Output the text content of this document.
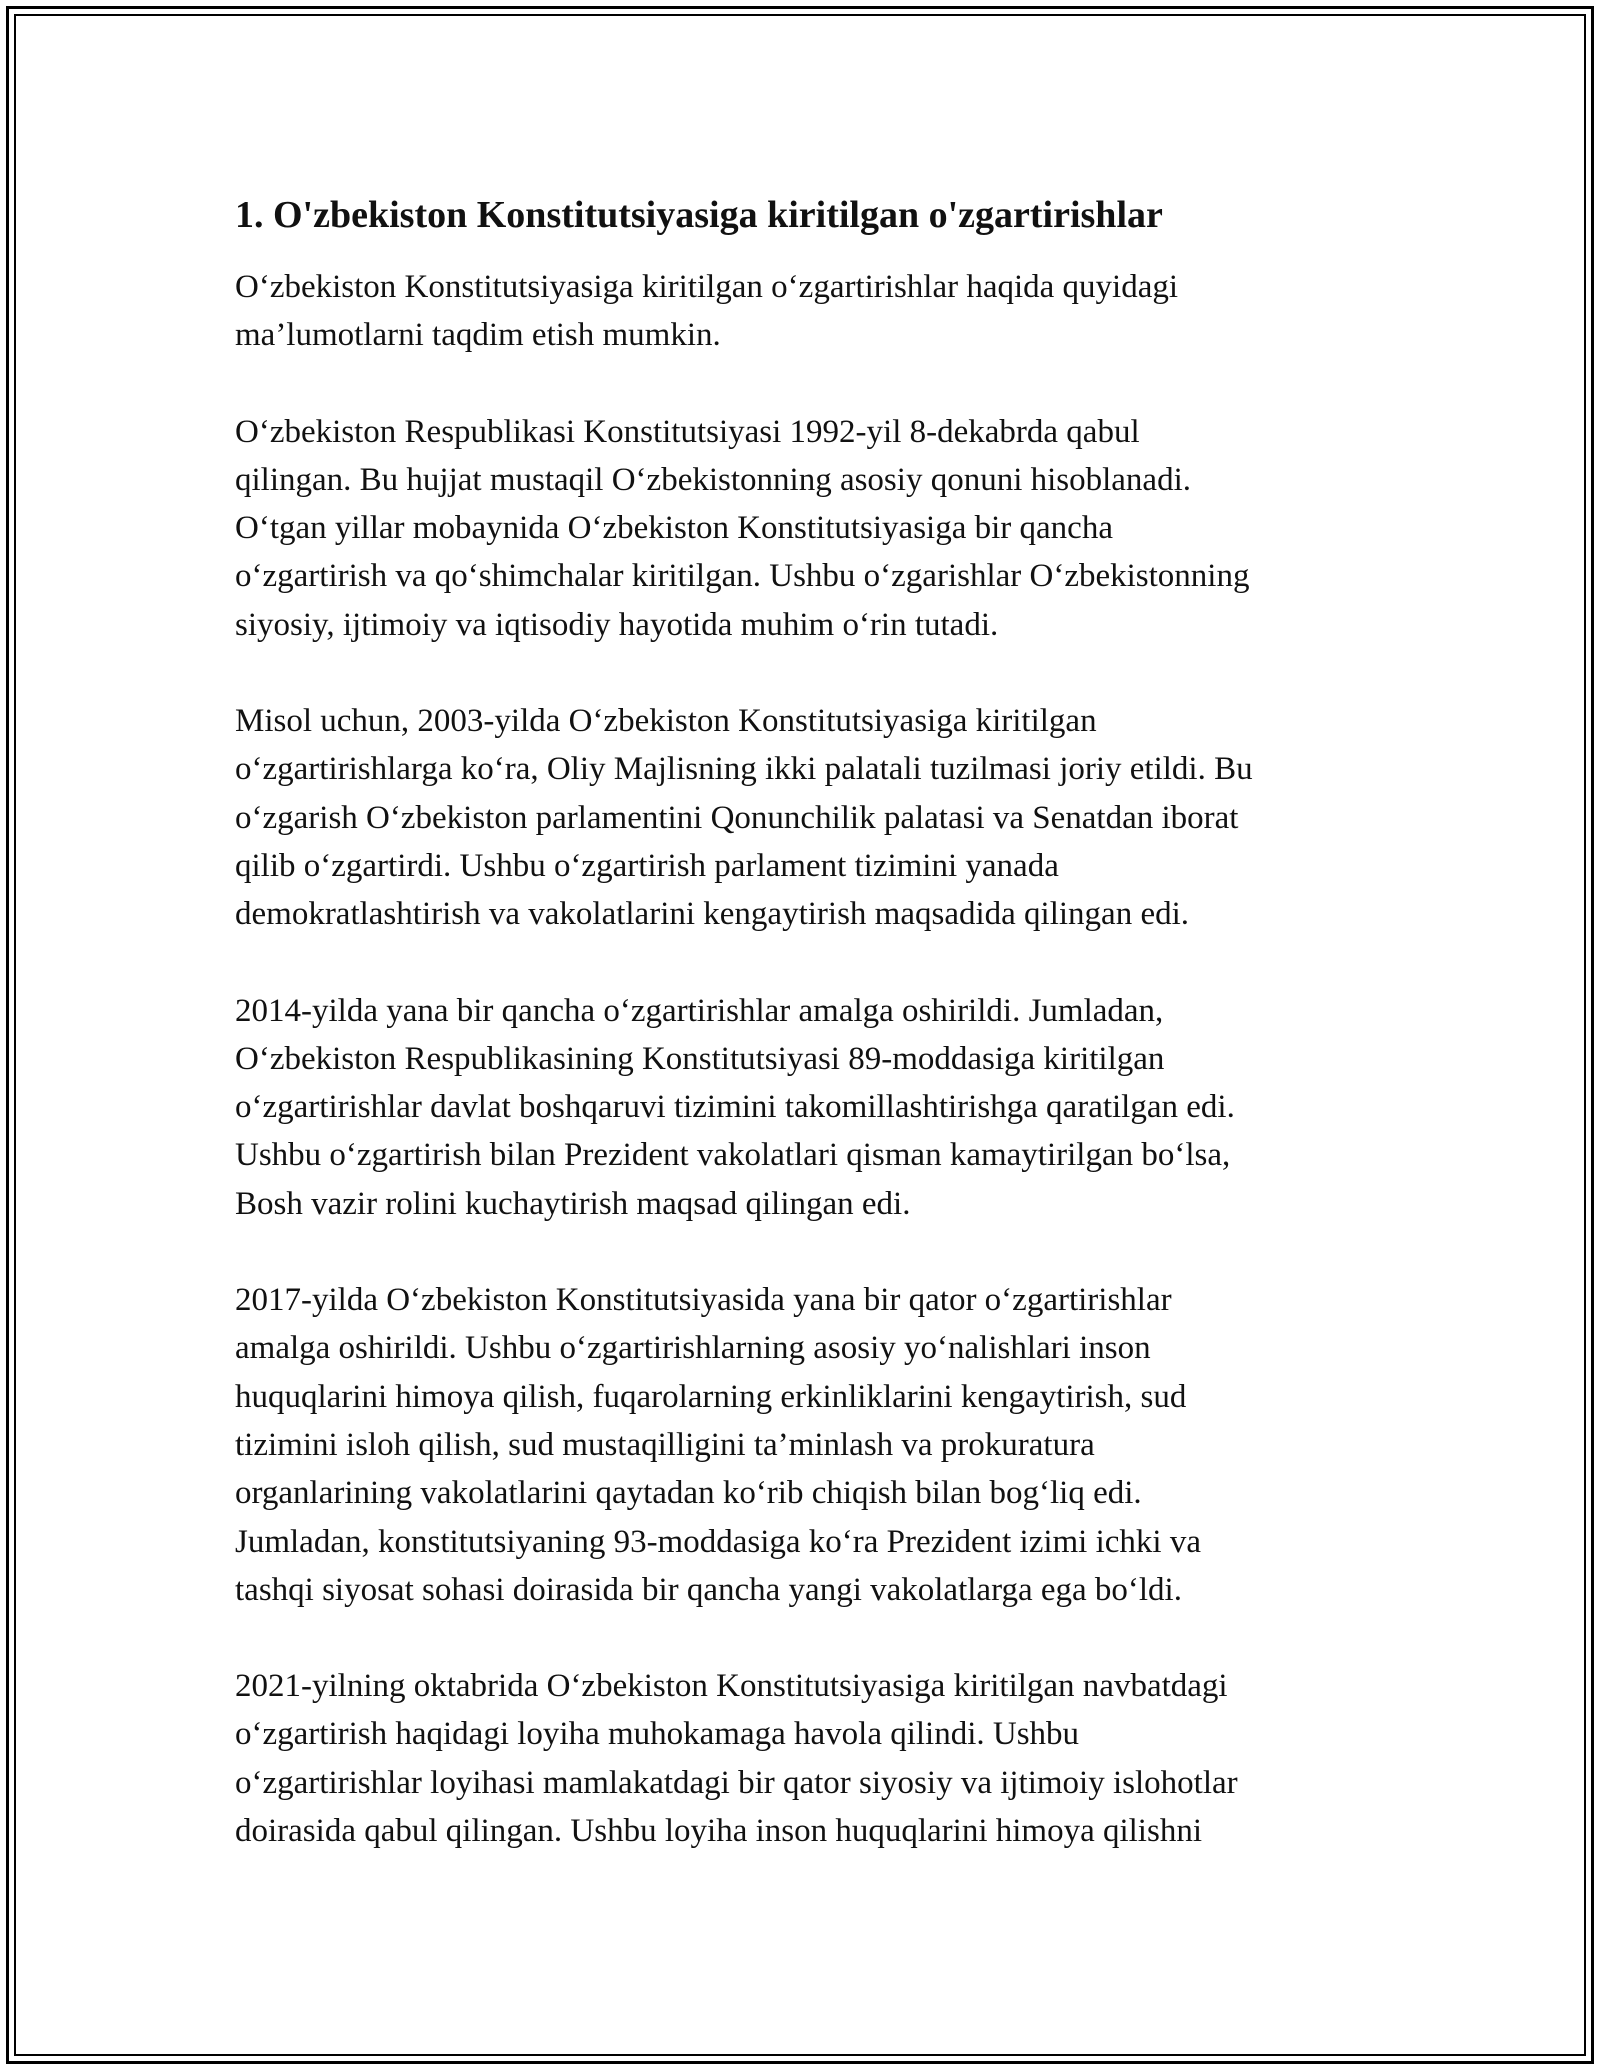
1. O'zbekiston Konstitutsiyasiga kiritilgan o'zgartirishlar
O‘zbekiston Konstitutsiyasiga kiritilgan o‘zgartirishlar haqida quyidagi
ma’lumotlarni taqdim etish mumkin.
O‘zbekiston Respublikasi Konstitutsiyasi 1992-yil 8-dekabrda qabul
qilingan. Bu hujjat mustaqil O‘zbekistonning asosiy qonuni hisoblanadi.
O‘tgan yillar mobaynida O‘zbekiston Konstitutsiyasiga bir qancha
o‘zgartirish va qo‘shimchalar kiritilgan. Ushbu o‘zgarishlar O‘zbekistonning
siyosiy, ijtimoiy va iqtisodiy hayotida muhim o‘rin tutadi.
Misol uchun, 2003-yilda O‘zbekiston Konstitutsiyasiga kiritilgan
o‘zgartirishlarga ko‘ra, Oliy Majlisning ikki palatali tuzilmasi joriy etildi. Bu
o‘zgarish O‘zbekiston parlamentini Qonunchilik palatasi va Senatdan iborat
qilib o‘zgartirdi. Ushbu o‘zgartirish parlament tizimini yanada
demokratlashtirish va vakolatlarini kengaytirish maqsadida qilingan edi.
2014-yilda yana bir qancha o‘zgartirishlar amalga oshirildi. Jumladan,
O‘zbekiston Respublikasining Konstitutsiyasi 89-moddasiga kiritilgan
o‘zgartirishlar davlat boshqaruvi tizimini takomillashtirishga qaratilgan edi.
Ushbu o‘zgartirish bilan Prezident vakolatlari qisman kamaytirilgan bo‘lsa,
Bosh vazir rolini kuchaytirish maqsad qilingan edi.
2017-yilda O‘zbekiston Konstitutsiyasida yana bir qator o‘zgartirishlar
amalga oshirildi. Ushbu o‘zgartirishlarning asosiy yo‘nalishlari inson
huquqlarini himoya qilish, fuqarolarning erkinliklarini kengaytirish, sud
tizimini isloh qilish, sud mustaqilligini ta’minlash va prokuratura
organlarining vakolatlarini qaytadan ko‘rib chiqish bilan bog‘liq edi.
Jumladan, konstitutsiyaning 93-moddasiga ko‘ra Prezident izimi ichki va
tashqi siyosat sohasi doirasida bir qancha yangi vakolatlarga ega bo‘ldi.
2021-yilning oktabrida O‘zbekiston Konstitutsiyasiga kiritilgan navbatdagi
o‘zgartirish haqidagi loyiha muhokamaga havola qilindi. Ushbu
o‘zgartirishlar loyihasi mamlakatdagi bir qator siyosiy va ijtimoiy islohotlar
doirasida qabul qilingan. Ushbu loyiha inson huquqlarini himoya qilishni
